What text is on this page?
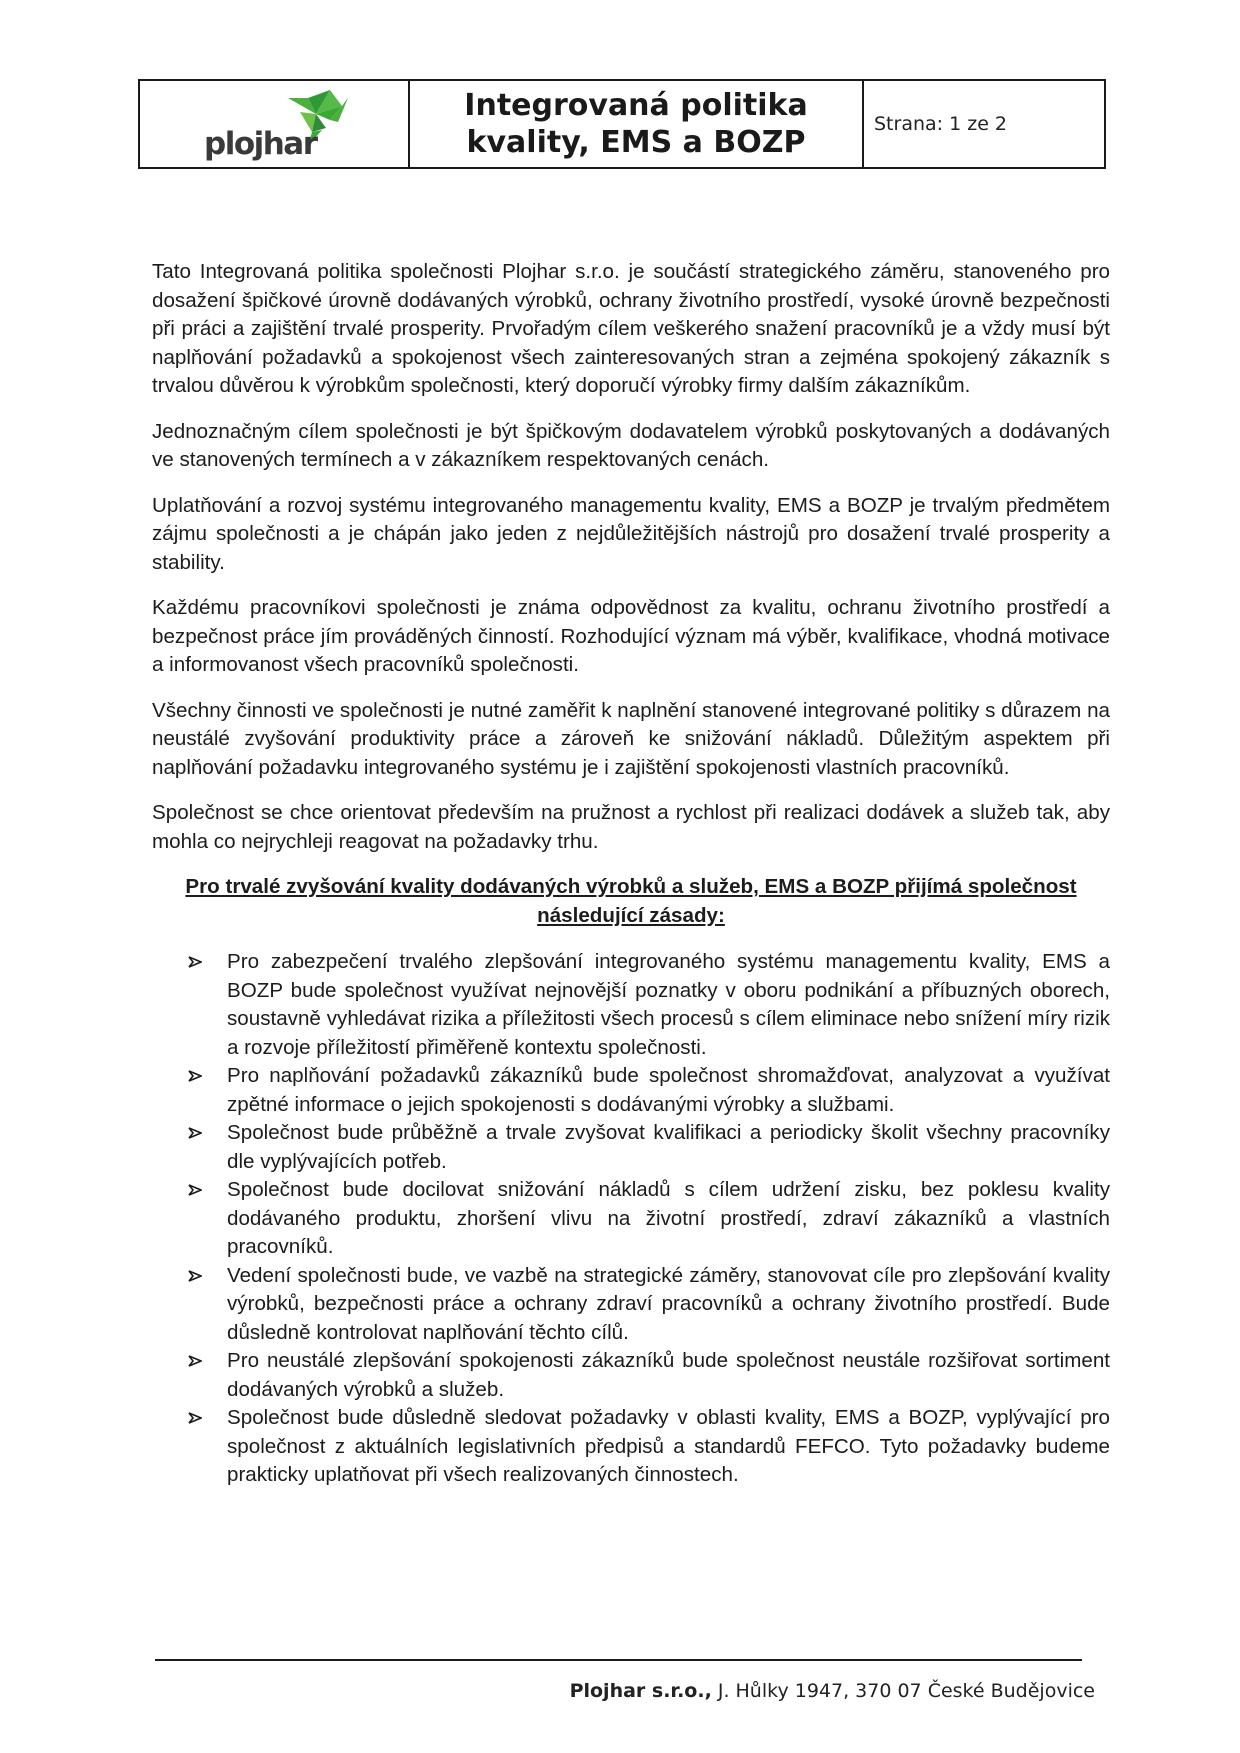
plojhar
Integrovaná politika
kvality, EMS a BOZP
Strana: 1 ze 2

Tato Integrovaná politika společnosti Plojhar s.r.o. je součástí strategického záměru, stanoveného pro dosažení špičkové úrovně dodávaných výrobků, ochrany životního prostředí, vysoké úrovně bezpečnosti při práci a zajištění trvalé prosperity. Prvořadým cílem veškerého snažení pracovníků je a vždy musí být naplňování požadavků a spokojenost všech zainteresovaných stran a zejména spokojený zákazník s trvalou důvěrou k výrobkům společnosti, který doporučí výrobky firmy dalším zákazníkům.

Jednoznačným cílem společnosti je být špičkovým dodavatelem výrobků poskytovaných a dodávaných ve stanovených termínech a v zákazníkem respektovaných cenách.

Uplatňování a rozvoj systému integrovaného managementu kvality, EMS a BOZP je trvalým předmětem zájmu společnosti a je chápán jako jeden z nejdůležitějších nástrojů pro dosažení trvalé prosperity a stability.

Každému pracovníkovi společnosti je známa odpovědnost za kvalitu, ochranu životního prostředí a bezpečnost práce jím prováděných činností. Rozhodující význam má výběr, kvalifikace, vhodná motivace a informovanost všech pracovníků společnosti.

Všechny činnosti ve společnosti je nutné zaměřit k naplnění stanovené integrované politiky s důrazem na neustálé zvyšování produktivity práce a zároveň ke snižování nákladů. Důležitým aspektem při naplňování požadavku integrovaného systému je i zajištění spokojenosti vlastních pracovníků.

Společnost se chce orientovat především na pružnost a rychlost při realizaci dodávek a služeb tak, aby mohla co nejrychleji reagovat na požadavky trhu.

Pro trvalé zvyšování kvality dodávaných výrobků a služeb, EMS a BOZP přijímá společnost následující zásady:
Pro zabezpečení trvalého zlepšování integrovaného systému managementu kvality, EMS a BOZP bude společnost využívat nejnovější poznatky v oboru podnikání a příbuzných oborech, soustavně vyhledávat rizika a příležitosti všech procesů s cílem eliminace nebo snížení míry rizik a rozvoje příležitostí přiměřeně kontextu společnosti.
Pro naplňování požadavků zákazníků bude společnost shromažďovat, analyzovat a využívat zpětné informace o jejich spokojenosti s dodávanými výrobky a službami.
Společnost bude průběžně a trvale zvyšovat kvalifikaci a periodicky školit všechny pracovníky dle vyplývajících potřeb.
Společnost bude docilovat snižování nákladů s cílem udržení zisku, bez poklesu kvality dodávaného produktu, zhoršení vlivu na životní prostředí, zdraví zákazníků a vlastních pracovníků.
Vedení společnosti bude, ve vazbě na strategické záměry, stanovovat cíle pro zlepšování kvality výrobků, bezpečnosti práce a ochrany zdraví pracovníků a ochrany životního prostředí. Bude důsledně kontrolovat naplňování těchto cílů.
Pro neustálé zlepšování spokojenosti zákazníků bude společnost neustále rozšiřovat sortiment dodávaných výrobků a služeb.
Společnost bude důsledně sledovat požadavky v oblasti kvality, EMS a BOZP, vyplývající pro společnost z aktuálních legislativních předpisů a standardů FEFCO. Tyto požadavky budeme prakticky uplatňovat při všech realizovaných činnostech.
Plojhar s.r.o., J. Hůlky 1947, 370 07 České Budějovice
